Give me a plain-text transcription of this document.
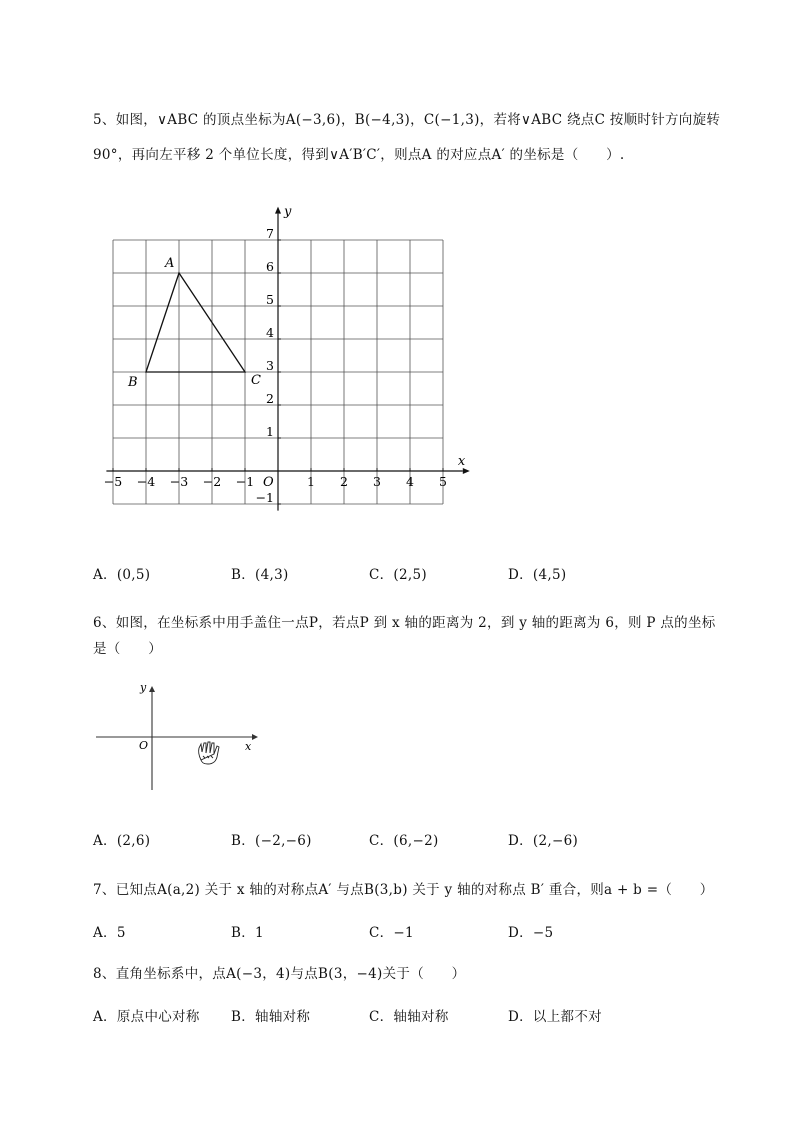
5、如图，∨ABC 的顶点坐标为A(−3,6)，B(−4,3)，C(−1,3)，若将∨ABC 绕点C 按顺时针方向旋转
90°，再向左平移 2 个单位长度，得到∨A′B′C′，则点A 的对应点A′ 的坐标是（　　）.
x
y
O
−5 −4 −3 −2 −1	1 2 3 4 5
7
6
5
4
3
2
1
−1
A
B	C
A．(0,5)	B．(4,3)	C．(2,5)	D．(4,5)
6、如图，在坐标系中用手盖住一点P，若点P 到 x 轴的距离为 2，到 y 轴的距离为 6，则 P 点的坐标
是（　　）
x
y
O
A．(2,6)	B．(−2,−6)	C．(6,−2)	D．(2,−6)
7、已知点A(a,2) 关于 x 轴的对称点A′ 与点B(3,b) 关于 y 轴的对称点 B′ 重合，则a + b =（　　）
A．5	B．1	C．−1	D．−5
8、直角坐标系中，点A(−3，4)与点B(3，−4)关于（　　）
A．原点中心对称 B．轴轴对称	C．轴轴对称	D．以上都不对
